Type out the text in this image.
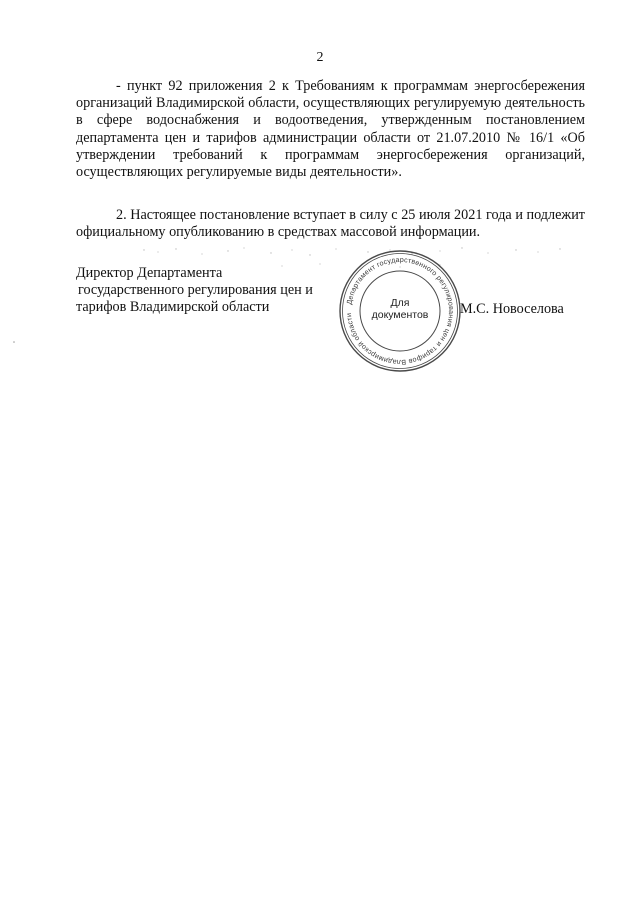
2
- пункт 92 приложения 2 к Требованиям к программам энергосбережения организаций Владимирской области, осуществляющих регулируемую деятельность в сфере водоснабжения и водоотведения, утвержденным постановлением департамента цен и тарифов администрации области от 21.07.2010 № 16/1 «Об утверждении требований к программам энергосбережения организаций, осуществляющих регулируемые виды деятельности».
2. Настоящее постановление вступает в силу с 25 июля 2021 года и подлежит официальному опубликованию в средствах массовой информации.
Директор Департамента
государственного регулирования цен и
тарифов Владимирской области	Департамент государственного регулирования цен и тарифов Владимирской области
Для
документов	М.С. Новоселова
